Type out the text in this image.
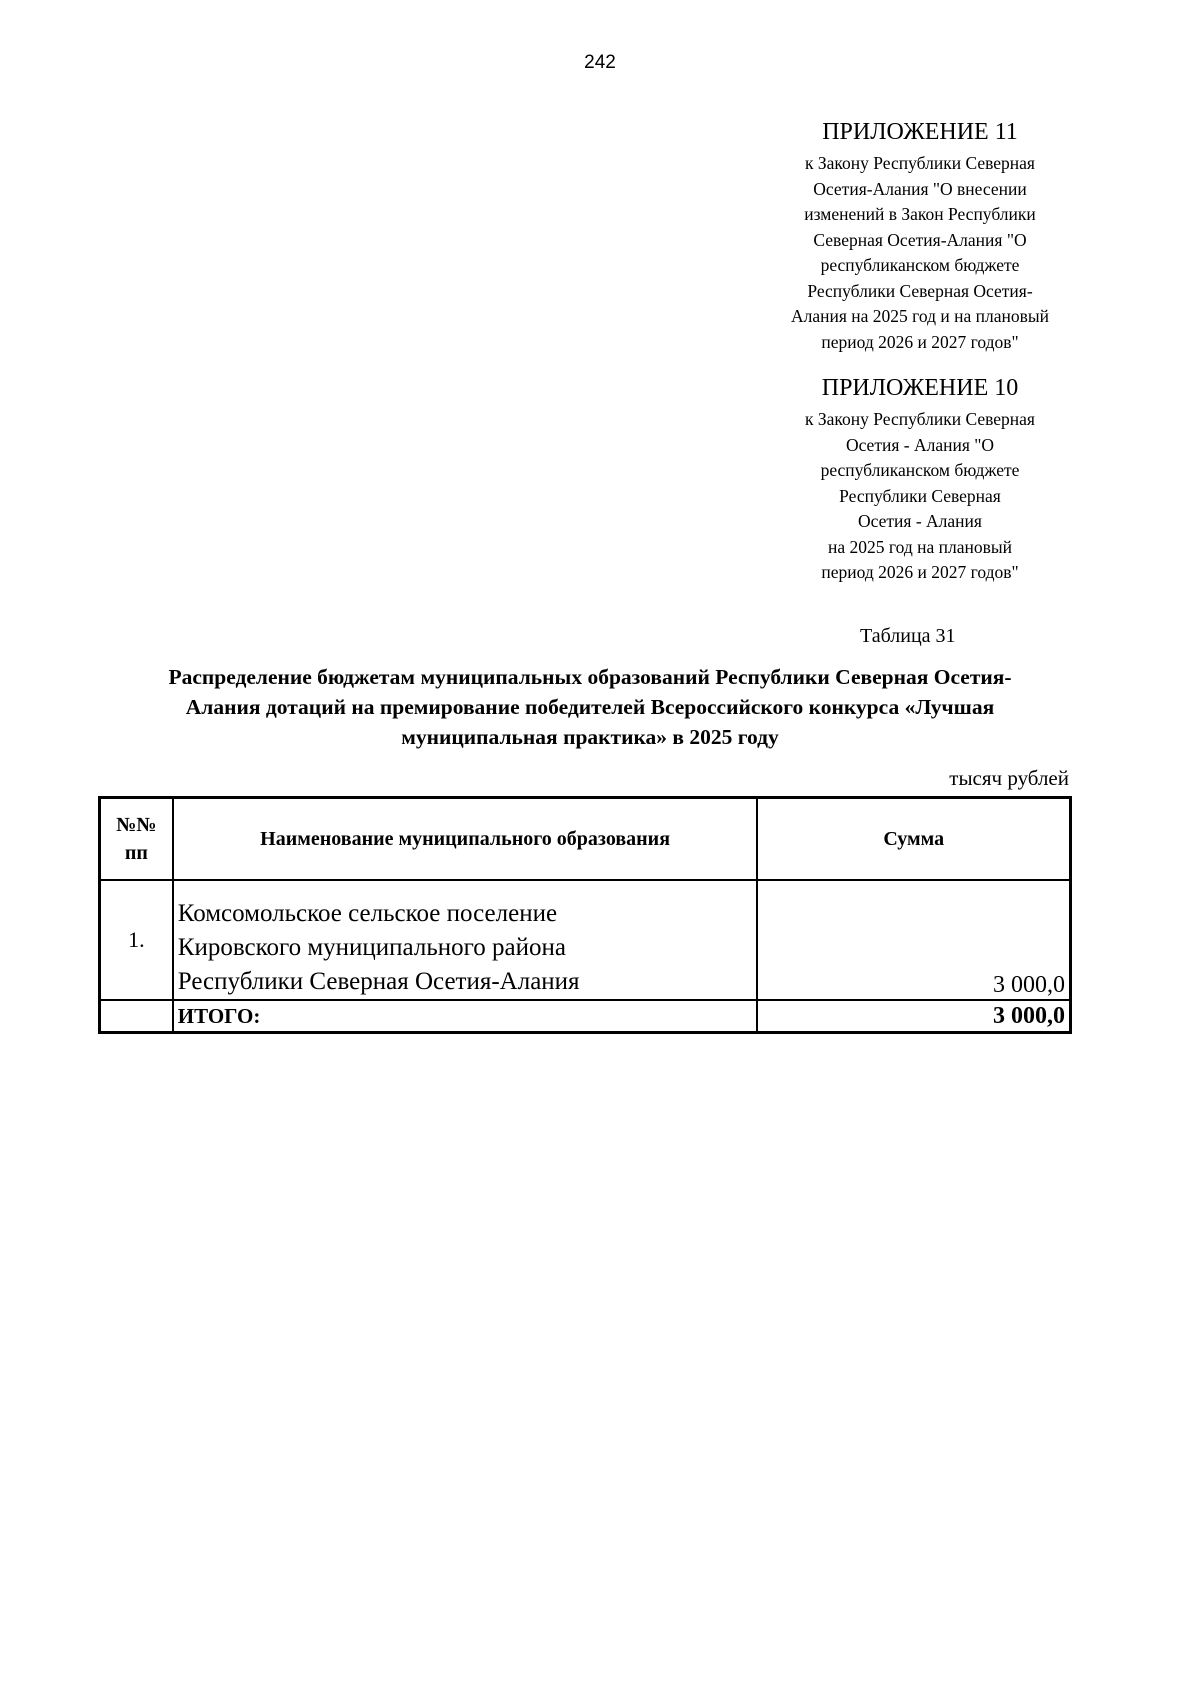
242
ПРИЛОЖЕНИЕ 11
к Закону Республики Северная
Осетия-Алания "О внесении
изменений в Закон Республики
Северная Осетия-Алания "О
республиканском бюджете
Республики Северная Осетия-
Алания на 2025 год и на плановый
период 2026 и 2027 годов"
ПРИЛОЖЕНИЕ 10
к Закону Республики Северная
Осетия - Алания "О
республиканском бюджете
Республики Северная
Осетия - Алания
на 2025 год на плановый
период 2026 и 2027 годов"
Таблица 31
Распределение бюджетам муниципальных образований Республики Северная Осетия-
Алания дотаций на премирование победителей Всероссийского конкурса «Лучшая
муниципальная практика» в 2025 году
тысяч рублей
№№
пп	Наименование муниципального образования	Сумма
1.	Комсомольское сельское поселение
Кировского муниципального района
Республики Северная Осетия-Алания	3 000,0
	ИТОГО:	3 000,0
